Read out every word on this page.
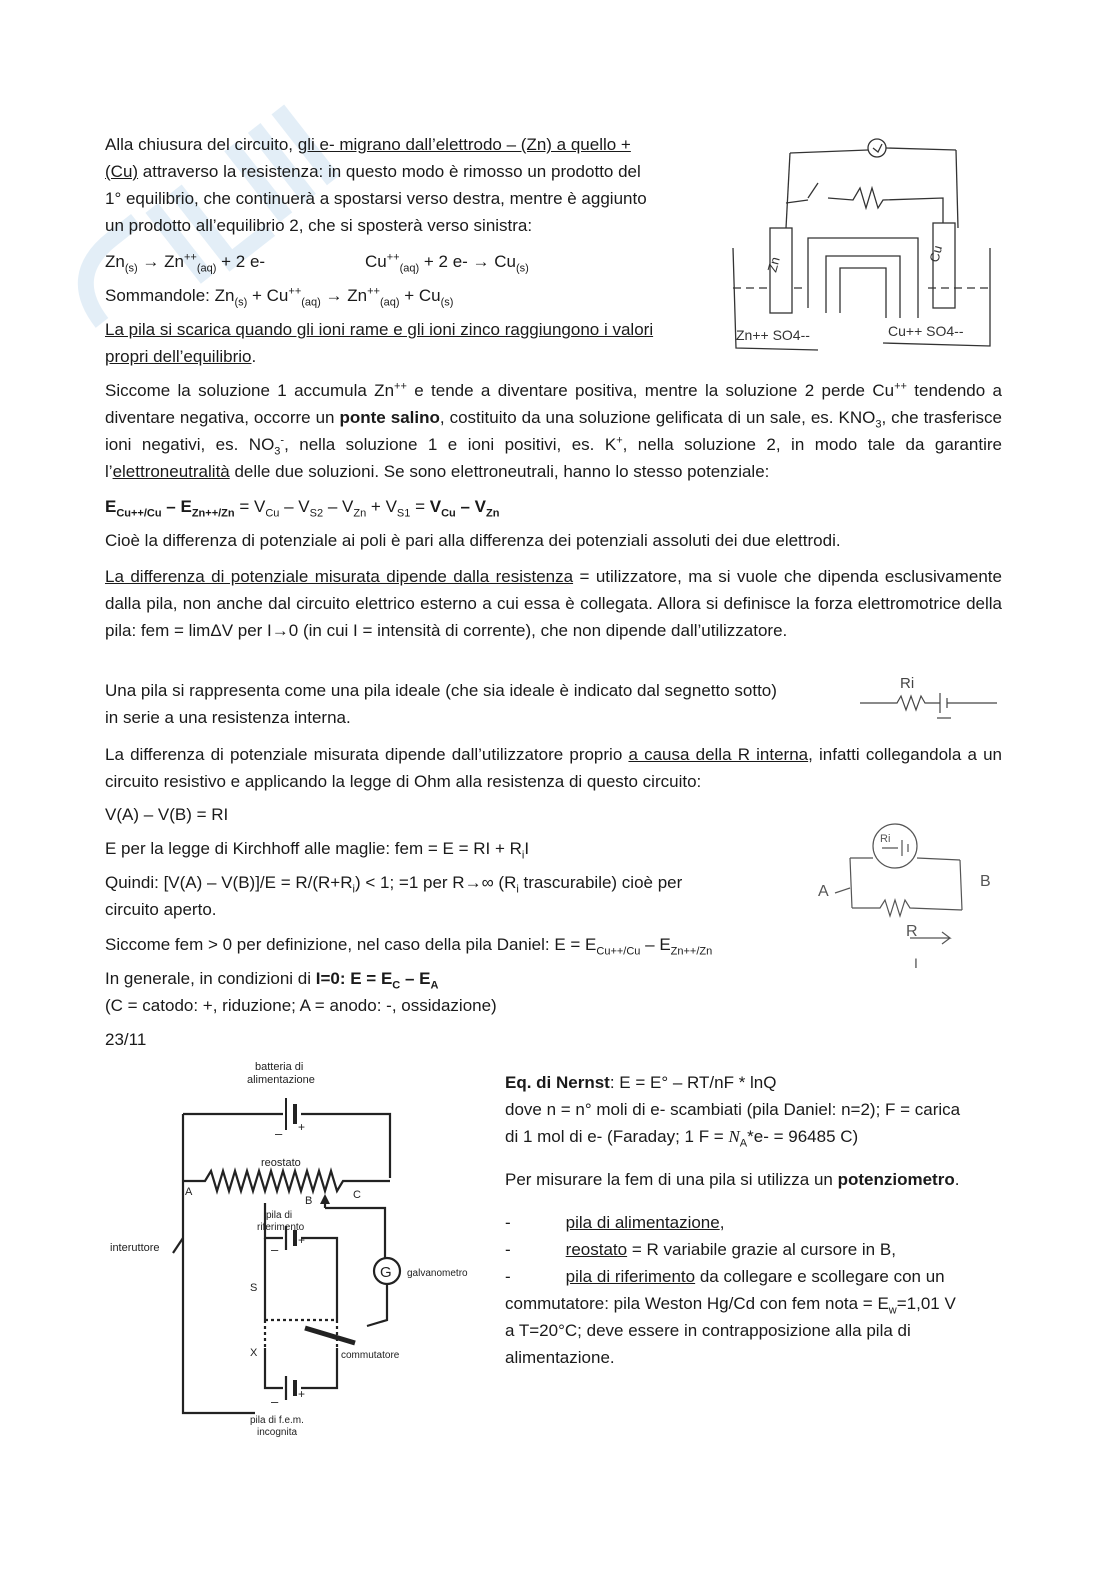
Alla chiusura del circuito, gli e- migrano dall’elettrodo – (Zn) a quello +
(Cu) attraverso la resistenza: in questo modo è rimosso un prodotto del
1° equilibrio, che continuerà a spostarsi verso destra, mentre è aggiunto
un prodotto all’equilibrio 2, che si sposterà verso sinistra:
$Zn_{(s)} \to Zn^{++}_{(aq)} + 2$ e-	$Cu^{++}_{(aq)} + 2$ $e- \to Cu_{(s)}$
Sommandole: $Zn_{(s)} + Cu^{++}_{(aq)} \to Zn^{++}_{(aq)} + Cu_{(s)}$
La pila si scarica quando gli ioni rame e gli ioni zinco raggiungono i valori
propri dell’equilibrio.
Zn
Cu
Zn++ SO4--	Cu++ SO4--
Siccome la soluzione 1 accumula Zn++ e tende a diventare positiva, mentre la soluzione 2 perde Cu++ tendendo a diventare negativa, occorre un ponte salino, costituito da una soluzione gelificata di un sale, es. $KNO_3$, che trasferisce ioni negativi, es. $NO_3^-$, nella soluzione 1 e ioni positivi, es. K+, nella soluzione 2, in modo tale da garantire l’elettroneutralità delle due soluzioni. Se sono elettroneutrali, hanno lo stesso potenziale:
$E_{Cu++/Cu} - E_{Zn++/Zn} = V_{Cu} - V_{S2} - V_{Zn} + V_{S1} = V_{Cu} - V_{Zn}$
Cioè la differenza di potenziale ai poli è pari alla differenza dei potenziali assoluti dei due elettrodi.
La differenza di potenziale misurata dipende dalla resistenza = utilizzatore, ma si vuole che dipenda esclusivamente dalla pila, non anche dal circuito elettrico esterno a cui essa è collegata. Allora si definisce la forza elettromotrice della pila: fem = limΔV per I→0 (in cui I = intensità di corrente), che non dipende dall’utilizzatore.
Una pila si rappresenta come una pila ideale (che sia ideale è indicato dal segnetto sotto)
in serie a una resistenza interna.
Ri
La differenza di potenziale misurata dipende dall’utilizzatore proprio a causa della R interna, infatti collegandola a un circuito resistivo e applicando la legge di Ohm alla resistenza di questo circuito:
V(A) – V(B) = RI
E per la legge di Kirchhoff alle maglie: fem = E = RI + $R_iI$
Quindi: $[V(A) - V(B)]/E = R/(R+R_i) < 1$; =1 per R→∞ ($R_i$ trascurabile) cioè per
circuito aperto.
Ri
A
B
R
I
Siccome fem > 0 per definizione, nel caso della pila Daniel: $E = E_{Cu++/Cu} - E_{Zn++/Zn}$
In generale, in condizioni di I=0: $E = E_C - E_A$
(C = catodo: +, riduzione; A = anodo: -, ossidazione)
23/11
batteria di
alimentazione
– +
reostato
A
B	C
pila di
riferimento
–
+
interuttore
G galvanometro
S
X	commutatore
– +
pila di f.e.m.
incognita
Eq. di Nernst: E = E° – RT/nF * lnQ
dove n = n° moli di e- scambiati (pila Daniel: n=2); F = carica
di 1 mol di e- (Faraday; 1 $F = N_A*e- = 96485$ C)
Per misurare la fem di una pila si utilizza un potenziometro.
-	pila di alimentazione,
-	reostato = R variabile grazie al cursore in B,
-	pila di riferimento da collegare e scollegare con un
commutatore: pila Weston Hg/Cd con fem nota = $E_w=1,01$ V
a T=20°C; deve essere in contrapposizione alla pila di
alimentazione.
